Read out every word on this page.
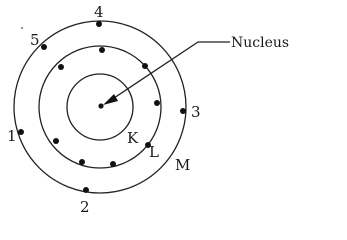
Nucleus
K
L
M
4
5
1
2
3
